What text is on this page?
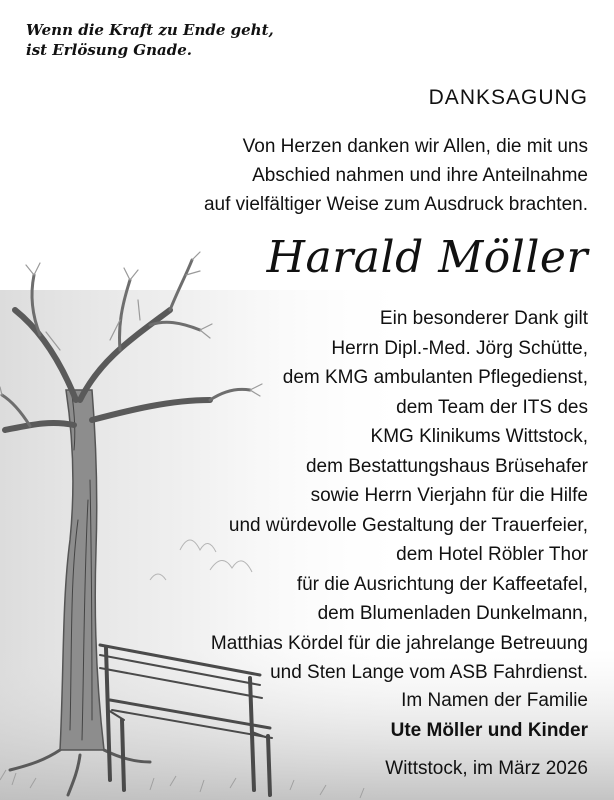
Wenn die Kraft zu Ende geht,
ist Erlösung Gnade.
DANKSAGUNG
Von Herzen danken wir Allen, die mit uns
Abschied nahmen und ihre Anteilnahme
auf vielfältiger Weise zum Ausdruck brachten.
Harald Möller
Ein besonderer Dank gilt
Herrn Dipl.-Med. Jörg Schütte,
dem KMG ambulanten Pflegedienst,
dem Team der ITS des
KMG Klinikums Wittstock,
dem Bestattungshaus Brüsehafer
sowie Herrn Vierjahn für die Hilfe
und würdevolle Gestaltung der Trauerfeier,
dem Hotel Röbler Thor
für die Ausrichtung der Kaffeetafel,
dem Blumenladen Dunkelmann,
Matthias Kördel für die jahrelange Betreuung
und Sten Lange vom ASB Fahrdienst.
Im Namen der Familie
Ute Möller und Kinder
Wittstock, im März 2026
